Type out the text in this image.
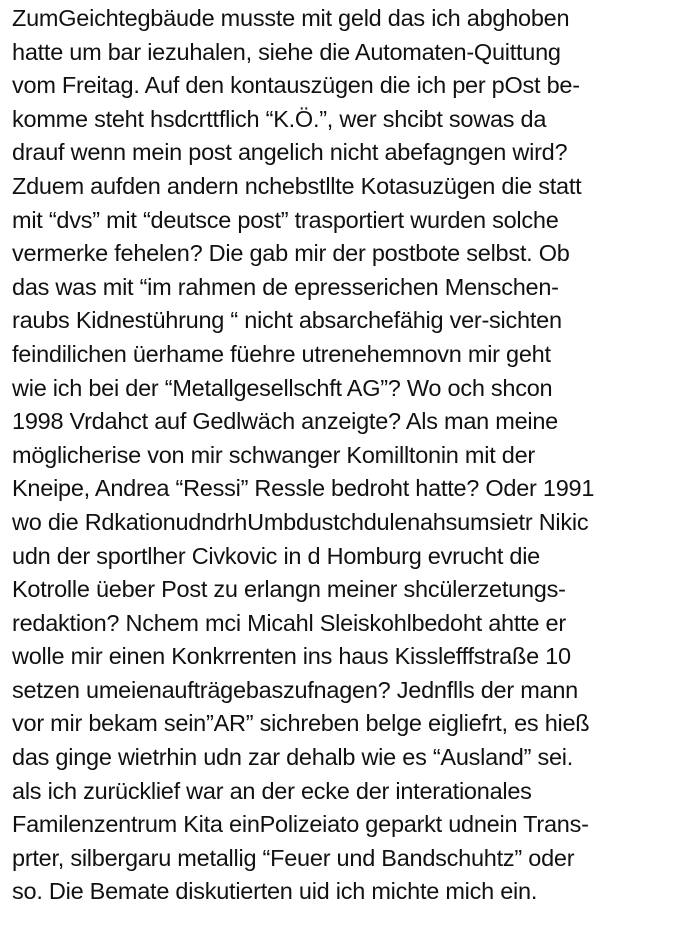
ZumGeichtegbäude musste mit geld das ich abghoben
hatte um bar iezuhalen, siehe die Automaten-Quittung
vom Freitag. Auf den kontauszügen die ich per pOst be-
komme steht hsdcrttflich “K.Ö.”, wer shcibt sowas da
drauf wenn mein post angelich nicht abefagngen wird?
Zduem aufden andern nchebstllte Kotasuzügen die statt
mit “dvs” mit “deutsce post” trasportiert wurden solche
vermerke fehelen? Die gab mir der postbote selbst. Ob
das was mit “im rahmen de epresserichen Menschen-
raubs Kidnestührung “ nicht absarchefähig ver-sichten
feindilichen üerhame füehre utrenehemnovn mir geht
wie ich bei der “Metallgesellschft AG”? Wo och shcon
1998 Vrdahct auf Gedlwäch anzeigte? Als man meine
möglicherise von mir schwanger Komilltonin mit der
Kneipe, Andrea “Ressi” Ressle bedroht hatte? Oder 1991
wo die RdkationudndrhUmbdustchdulenahsumsietr Nikic
udn der sportlher Civkovic in d Homburg evrucht die
Kotrolle üeber Post zu erlangn meiner shcülerzetungs-
redaktion? Nchem mci Micahl Sleiskohlbedoht ahtte er
wolle mir einen Konkrrenten ins haus Kisslefffstraße 10
setzen umeienaufträgebaszufnagen? Jednflls der mann
vor mir bekam sein”AR” sichreben belge eigliefrt, es hieß
das ginge wietrhin udn zar dehalb wie es “Ausland” sei.
als ich zurücklief war an der ecke der interationales
Familenzentrum Kita einPolizeiato geparkt udnein Trans-
prter, silbergaru metallig “Feuer und Bandschuhtz” oder
so. Die Bemate diskutierten uid ich michte mich ein.
